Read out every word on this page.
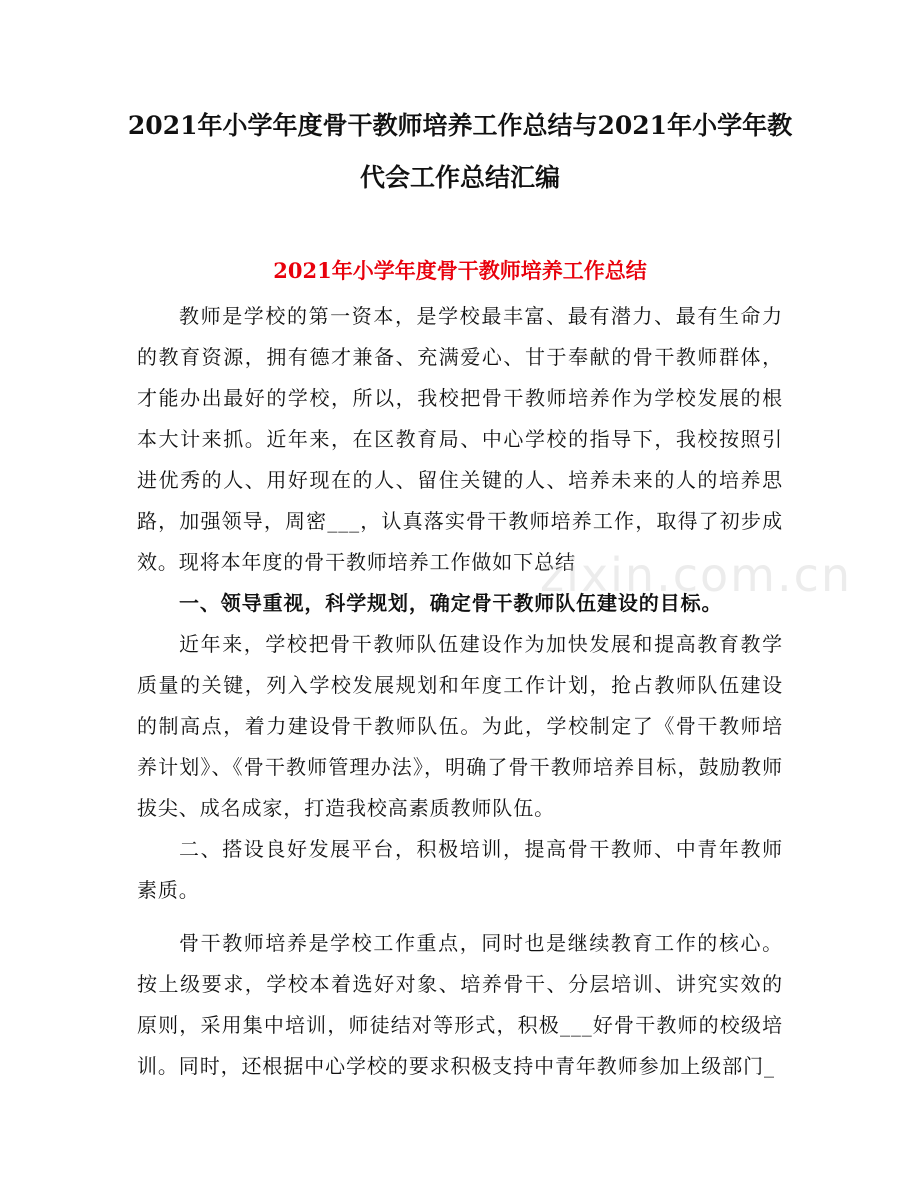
2021年小学年度骨干教师培养工作总结与2021年小学年教
代会工作总结汇编
2021年小学年度骨干教师培养工作总结

教师是学校的第一资本，是学校最丰富、最有潜力、最有生命力的教育资源，拥有德才兼备、充满爱心、甘于奉献的骨干教师群体，才能办出最好的学校，所以，我校把骨干教师培养作为学校发展的根本大计来抓。近年来，在区教育局、中心学校的指导下，我校按照引进优秀的人、用好现在的人、留住关键的人、培养未来的人的培养思路，加强领导，周密___，认真落实骨干教师培养工作，取得了初步成效。现将本年度的骨干教师培养工作做如下总结

一、领导重视，科学规划，确定骨干教师队伍建设的目标。

近年来，学校把骨干教师队伍建设作为加快发展和提高教育教学质量的关键，列入学校发展规划和年度工作计划，抢占教师队伍建设的制高点，着力建设骨干教师队伍。为此，学校制定了《骨干教师培养计划》、《骨干教师管理办法》，明确了骨干教师培养目标，鼓励教师拔尖、成名成家，打造我校高素质教师队伍。

二、搭设良好发展平台，积极培训，提高骨干教师、中青年教师素质。

骨干教师培养是学校工作重点，同时也是继续教育工作的核心。按上级要求，学校本着选好对象、培养骨干、分层培训、讲究实效的原则，采用集中培训，师徒结对等形式，积极___好骨干教师的校级培训。同时，还根据中心学校的要求积极支持中青年教师参加上级部门_

zixin.com.cn
